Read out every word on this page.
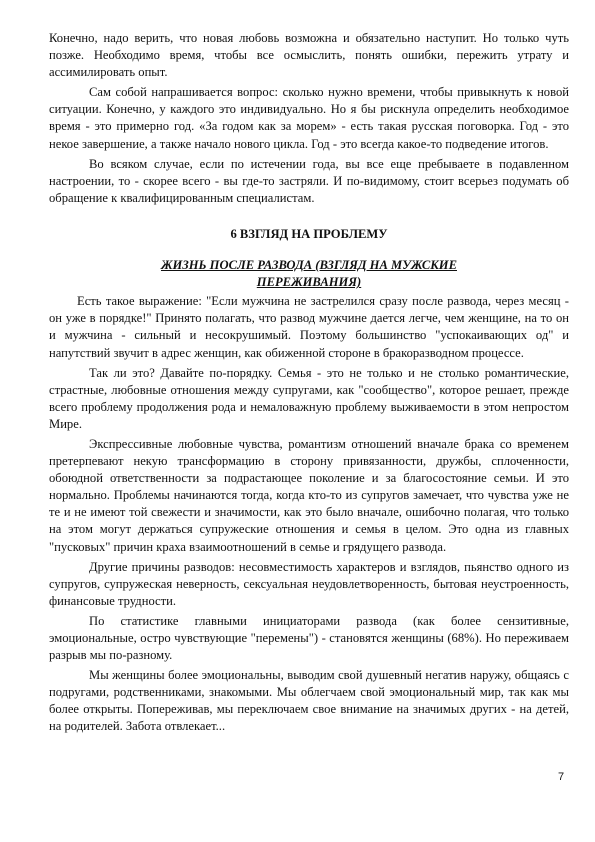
Конечно, надо верить, что новая любовь возможна и обязательно наступит. Но только чуть позже. Необходимо время, чтобы все осмыслить, понять ошибки, пережить утрату и ассимилировать опыт.

Сам собой напрашивается вопрос: сколько нужно времени, чтобы привыкнуть к новой ситуации. Конечно, у каждого это индивидуально. Но я бы рискнула определить необходимое время - это примерно год. «За годом как за морем» - есть такая русская поговорка. Год - это некое завершение, а также начало нового цикла. Год - это всегда какое-то подведение итогов.

Во всяком случае, если по истечении года, вы все еще пребываете в подавленном настроении, то - скорее всего - вы где-то застряли. И по-видимому, стоит всерьез подумать об обращение к квалифицированным специалистам.

6 ВЗГЛЯД НА ПРОБЛЕМУ
ЖИЗНЬ ПОСЛЕ РАЗВОДА (ВЗГЛЯД НА МУЖСКИЕ ПЕРЕЖИВАНИЯ)

Есть такое выражение: "Если мужчина не застрелился сразу после развода, через месяц - он уже в порядке!" Принято полагать, что развод мужчине дается легче, чем женщине, на то он и мужчина - сильный и несокрушимый. Поэтому большинство "успокаивающих од" и напутствий звучит в адрес женщин, как обиженной стороне в бракоразводном процессе.

Так ли это? Давайте по-порядку. Семья - это не только и не столько романтические, страстные, любовные отношения между супругами, как "сообщество", которое решает, прежде всего проблему продолжения рода и немаловажную проблему выживаемости в этом непростом Мире.

Экспрессивные любовные чувства, романтизм отношений вначале брака со временем претерпевают некую трансформацию в сторону привязанности, дружбы, сплоченности, обоюдной ответственности за подрастающее поколение и за благосостояние семьи. И это нормально. Проблемы начинаются тогда, когда кто-то из супругов замечает, что чувства уже не те и не имеют той свежести и значимости, как это было вначале, ошибочно полагая, что только на этом могут держаться супружеские отношения и семья в целом. Это одна из главных "пусковых" причин краха взаимоотношений в семье и грядущего развода.

Другие причины разводов: несовместимость характеров и взглядов, пьянство одного из супругов, супружеская неверность, сексуальная неудовлетворенность, бытовая неустроенность, финансовые трудности.

По статистике главными инициаторами развода (как более сензитивные, эмоциональные, остро чувствующие "перемены") - становятся женщины (68%). Но переживаем разрыв мы по-разному.

Мы женщины более эмоциональны, выводим свой душевный негатив наружу, общаясь с подругами, родственниками, знакомыми. Мы облегчаем свой эмоциональный мир, так как мы более открыты. Попереживав, мы переключаем свое внимание на значимых других - на детей, на родителей. Забота отвлекает...

7
